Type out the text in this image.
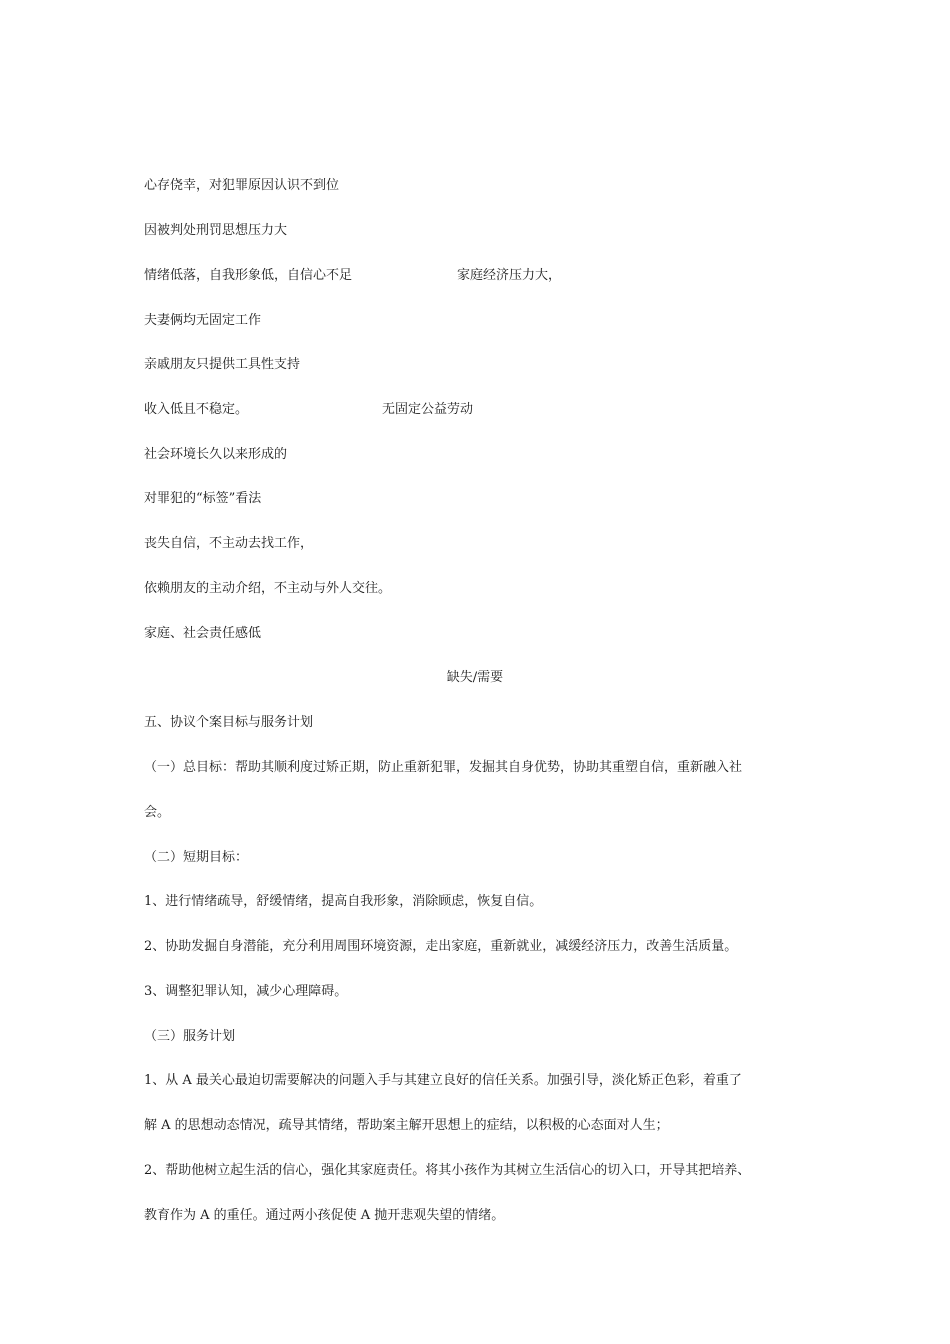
心存侥幸，对犯罪原因认识不到位
因被判处刑罚思想压力大
情绪低落，自我形象低，自信心不足	家庭经济压力大，
夫妻俩均无固定工作
亲戚朋友只提供工具性支持
收入低且不稳定。	无固定公益劳动
社会环境长久以来形成的
对罪犯的“标签”看法
丧失自信，不主动去找工作，
依赖朋友的主动介绍，不主动与外人交往。
家庭、社会责任感低
缺失/需要
五、协议个案目标与服务计划
（一）总目标：帮助其顺利度过矫正期，防止重新犯罪，发掘其自身优势，协助其重塑自信，重新融入社
会。
（二）短期目标：
1、进行情绪疏导，舒缓情绪，提高自我形象，消除顾虑，恢复自信。
2、协助发掘自身潜能，充分利用周围环境资源，走出家庭，重新就业，减缓经济压力，改善生活质量。
3、调整犯罪认知，减少心理障碍。
（三）服务计划
1、从 A 最关心最迫切需要解决的问题入手与其建立良好的信任关系。加强引导，淡化矫正色彩，着重了
解 A 的思想动态情况，疏导其情绪，帮助案主解开思想上的症结，以积极的心态面对人生；
2、帮助他树立起生活的信心，强化其家庭责任。将其小孩作为其树立生活信心的切入口，开导其把培养、
教育作为 A 的重任。通过两小孩促使 A 抛开悲观失望的情绪。
